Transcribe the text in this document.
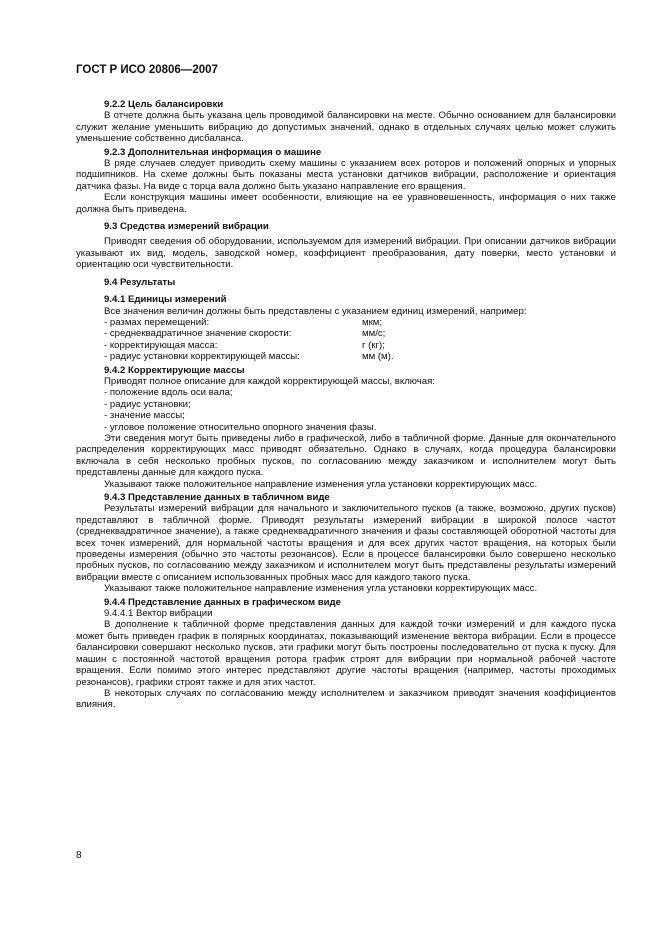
ГОСТ Р ИСО 20806—2007
9.2.2 Цель балансировки

В отчете должна быть указана цель проводимой балансировки на месте. Обычно основанием для балансировки служит желание уменьшить вибрацию до допустимых значений, однако в отдельных случаях целью может служить уменьшение собственно дисбаланса.

9.2.3 Дополнительная информация о машине

В ряде случаев следует приводить схему машины с указанием всех роторов и положений опорных и упорных подшипников. На схеме должны быть показаны места установки датчиков вибрации, расположение и ориентация датчика фазы. На виде с торца вала должно быть указано направление его вращения.

Если конструкция машины имеет особенности, влияющие на ее уравновешенность, информация о них также должна быть приведена.

9.3 Средства измерений вибрации

Приводят сведения об оборудовании, используемом для измерений вибрации. При описании датчиков вибрации указывают их вид, модель, заводской номер, коэффициент преобразования, дату поверки, место установки и ориентацию оси чувствительности.

9.4 Результаты
9.4.1 Единицы измерений

Все значения величин должны быть представлены с указанием единиц измерений, например:

- размах перемещений:	мкм;
- среднеквадратичное значение скорости:	мм/с;
- корректирующая масса:	г (кг);
- радиус установки корректирующей массы:	мм (м).
9.4.2 Корректирующие массы

Приводят полное описание для каждой корректирующей массы, включая:

- положение вдоль оси вала;
- радиус установки;
- значение массы;
- угловое положение относительно опорного значения фазы.

Эти сведения могут быть приведены либо в графической, либо в табличной форме. Данные для окончательного распределения корректирующих масс приводят обязательно. Однако в случаях, когда процедура балансировки включала в себя несколько пробных пусков, по согласованию между заказчиком и исполнителем могут быть представлены данные для каждого пуска.

Указывают также положительное направление изменения угла установки корректирующих масс.

9.4.3 Представление данных в табличном виде

Результаты измерений вибрации для начального и заключительного пусков (а также, возможно, других пусков) представляют в табличной форме. Приводят результаты измерений вибрации в широкой полосе частот (среднеквадратичное значение), а также среднеквадратичного значения и фазы составляющей оборотной частоты для всех точек измерений, для нормальной частоты вращения и для всех других частот вращения, на которых были проведены измерения (обычно это частоты резонансов). Если в процессе балансировки было совершено несколько пробных пусков, по согласованию между заказчиком и исполнителем могут быть представлены результаты измерений вибрации вместе с описанием использованных пробных масс для каждого такого пуска.

Указывают также положительное направление изменения угла установки корректирующих масс.

9.4.4 Представление данных в графическом виде
9.4.4.1 Вектор вибрации

В дополнение к табличной форме представления данных для каждой точки измерений и для каждого пуска может быть приведен график в полярных координатах, показывающий изменение вектора вибрации. Если в процессе балансировки совершают несколько пусков, эти графики могут быть построены последовательно от пуска к пуску. Для машин с постоянной частотой вращения ротора график строят для вибрации при нормальной рабочей частоте вращения. Если помимо этого интерес представляют другие частоты вращения (например, частоты проходимых резонансов), графики строят также и для этих частот.

В некоторых случаях по согласованию между исполнителем и заказчиком приводят значения коэффициентов влияния.

8
